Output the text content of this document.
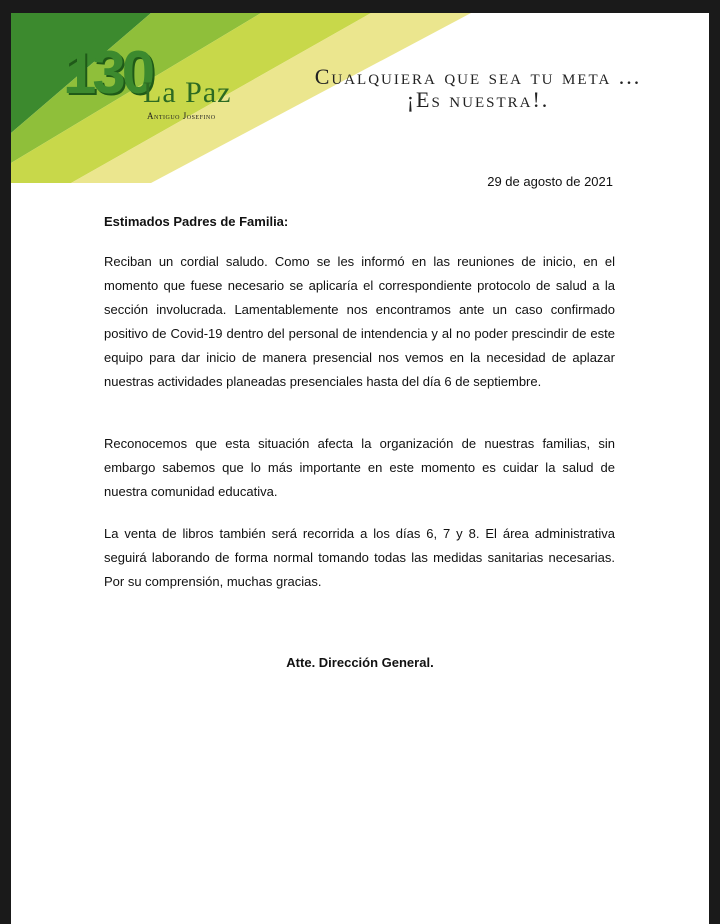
130
La Paz
Antiguo Josefino
Cualquiera que sea tu meta ...
¡Es nuestra!.
29 de agosto de 2021
Estimados Padres de Familia:

Reciban un cordial saludo. Como se les informó en las reuniones de inicio, en el momento que fuese necesario se aplicaría el correspondiente protocolo de salud a la sección involucrada. Lamentablemente nos encontramos ante un caso confirmado positivo de Covid-19 dentro del personal de intendencia y al no poder prescindir de este equipo para dar inicio de manera presencial nos vemos en la necesidad de aplazar nuestras actividades planeadas presenciales hasta del día 6 de septiembre.

Reconocemos que esta situación afecta la organización de nuestras familias, sin embargo sabemos que lo más importante en este momento es cuidar la salud de nuestra comunidad educativa.

La venta de libros también será recorrida a los días 6, 7 y 8. El área administrativa seguirá laborando de forma normal tomando todas las medidas sanitarias necesarias. Por su comprensión, muchas gracias.

Atte. Dirección General.
